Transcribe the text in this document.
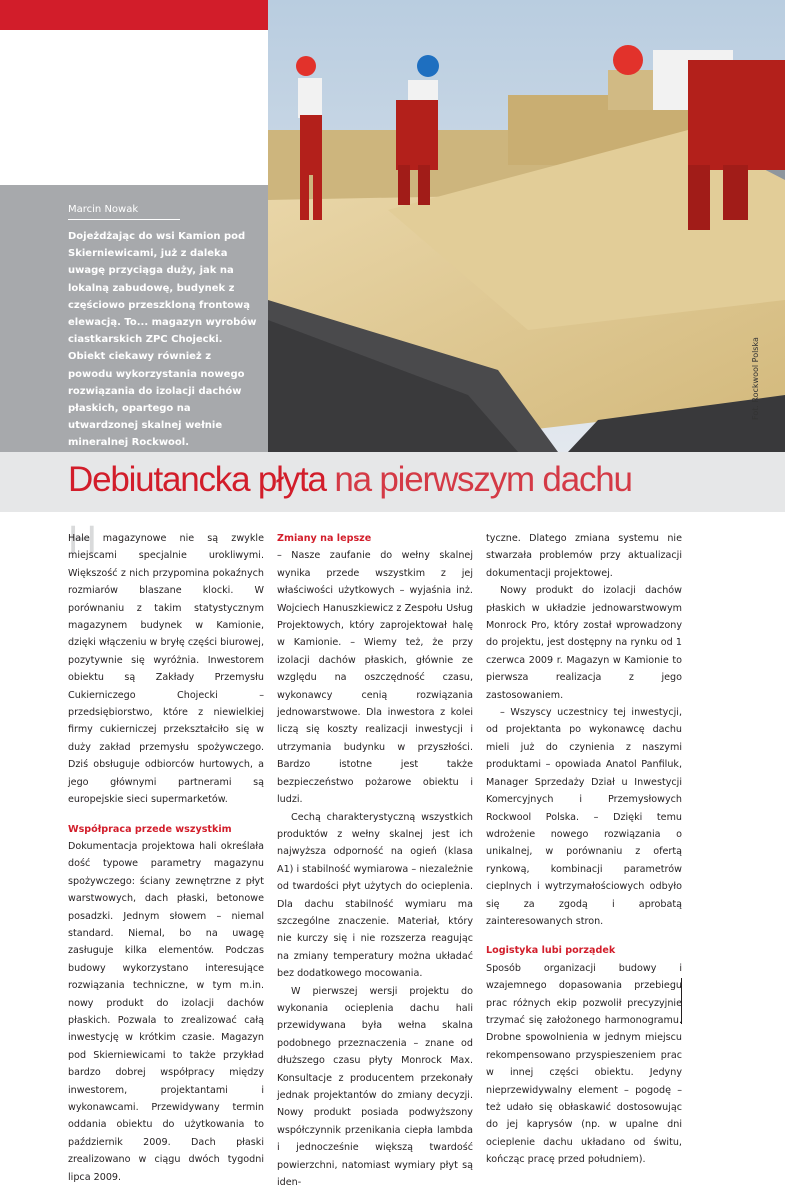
Fot. Rockwool Polska
Marcin Nowak

Dojeżdżając do wsi Kamion pod Skierniewicami, już z daleka uwagę przyciąga duży, jak na lokalną zabudowę, budynek z częściowo przeszkloną frontową elewacją. To... magazyn wyrobów ciastkarskich ZPC Chojecki. Obiekt ciekawy również z powodu wykorzystania nowego rozwiązania do izolacji dachów płaskich, opartego na utwardzonej skalnej wełnie mineralnej Rockwool.

Debiutancka płyta na pierwszym dachu
H

Hale magazynowe nie są zwykle miejscami specjalnie urokliwymi. Większość z nich przypomina pokaźnych rozmiarów blaszane klocki. W porównaniu z takim statystycznym magazynem budynek w Kamionie, dzięki włączeniu w bryłę części biurowej, pozytywnie się wyróżnia. Inwestorem obiektu są Zakłady Przemysłu Cukierniczego Chojecki – przedsiębiorstwo, które z niewielkiej firmy cukierniczej przekształciło się w duży zakład przemysłu spożywczego. Dziś obsługuje odbiorców hurtowych, a jego głównymi partnerami są europejskie sieci supermarketów.

Współpraca przede wszystkim

Dokumentacja projektowa hali określała dość typowe parametry magazynu spożywczego: ściany zewnętrzne z płyt warstwowych, dach płaski, betonowe posadzki. Jednym słowem – niemal standard. Niemal, bo na uwagę zasługuje kilka elementów. Podczas budowy wykorzystano interesujące rozwiązania techniczne, w tym m.in. nowy produkt do izolacji dachów płaskich. Pozwala to zrealizować całą inwestycję w krótkim czasie. Magazyn pod Skierniewicami to także przykład bardzo dobrej współpracy między inwestorem, projektantami i wykonawcami. Przewidywany termin oddania obiektu do użytkowania to październik 2009. Dach płaski zrealizowano w ciągu dwóch tygodni lipca 2009.

Zmiany na lepsze

– Nasze zaufanie do wełny skalnej wynika przede wszystkim z jej właściwości użytkowych – wyjaśnia inż. Wojciech Hanuszkiewicz z Zespołu Usług Projektowych, który zaprojektował halę w Kamionie. – Wiemy też, że przy izolacji dachów płaskich, głównie ze względu na oszczędność czasu, wykonawcy cenią rozwiązania jednowarstwowe. Dla inwestora z kolei liczą się koszty realizacji inwestycji i utrzymania budynku w przyszłości. Bardzo istotne jest także bezpieczeństwo pożarowe obiektu i ludzi.

Cechą charakterystyczną wszystkich produktów z wełny skalnej jest ich najwyższa odporność na ogień (klasa A1) i stabilność wymiarowa – niezależnie od twardości płyt użytych do ocieplenia. Dla dachu stabilność wymiaru ma szczególne znaczenie. Materiał, który nie kurczy się i nie rozszerza reagując na zmiany temperatury można układać bez dodatkowego mocowania.

W pierwszej wersji projektu do wykonania ocieplenia dachu hali przewidywana była wełna skalna podobnego przeznaczenia – znane od dłuższego czasu płyty Monrock Max. Konsultacje z producentem przekonały jednak projektantów do zmiany decyzji. Nowy produkt posiada podwyższony współczynnik przenikania ciepła lambda i jednocześnie większą twardość powierzchni, natomiast wymiary płyt są iden-

tyczne. Dlatego zmiana systemu nie stwarzała problemów przy aktualizacji dokumentacji projektowej.

Nowy produkt do izolacji dachów płaskich w układzie jednowarstwowym Monrock Pro, który został wprowadzony do projektu, jest dostępny na rynku od 1 czerwca 2009 r. Magazyn w Kamionie to pierwsza realizacja z jego zastosowaniem.

– Wszyscy uczestnicy tej inwestycji, od projektanta po wykonawcę dachu mieli już do czynienia z naszymi produktami – opowiada Anatol Panfiluk, Manager Sprzedaży Dział u Inwestycji Komercyjnych i Przemysłowych Rockwool Polska. – Dzięki temu wdrożenie nowego rozwiązania o unikalnej, w porównaniu z ofertą rynkową, kombinacji parametrów cieplnych i wytrzymałościowych odbyło się za zgodą i aprobatą zainteresowanych stron.

Logistyka lubi porządek

Sposób organizacji budowy i wzajemnego dopasowania przebiegu prac różnych ekip pozwolił precyzyjnie trzymać się założonego harmonogramu. Drobne spowolnienia w jednym miejscu rekompensowano przyspieszeniem prac w innej części obiektu. Jedyny nieprzewidywalny element – pogodę – też udało się obłaskawić dostosowując do jej kaprysów (np. w upalne dni ocieplenie dachu układano od świtu, kończąc pracę przed południem).
